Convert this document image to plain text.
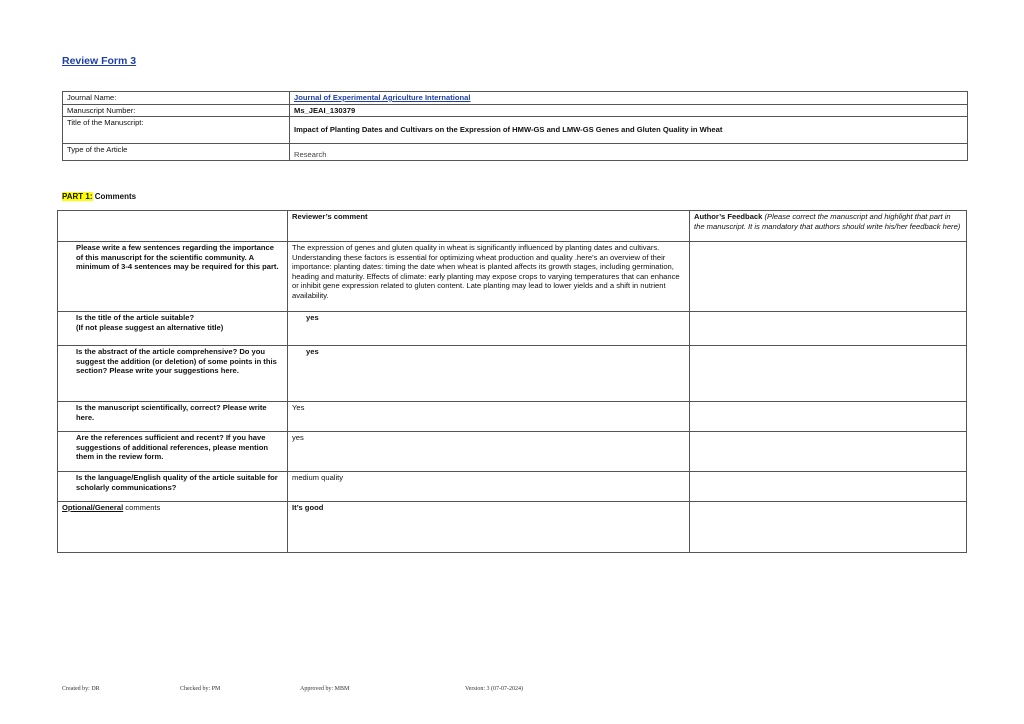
Review Form 3
Journal Name:	Journal of Experimental Agriculture International
Manuscript Number:	Ms_JEAI_130379
Title of the Manuscript:	Impact of Planting Dates and Cultivars on the Expression of HMW-GS and LMW-GS Genes and Gluten Quality in Wheat
Type of the Article	Research
PART 1: Comments
	Reviewer’s comment	Author’s Feedback (Please correct the manuscript and highlight that part in the manuscript. It is mandatory that authors should write his/her feedback here)
Please write a few sentences regarding the importance of this manuscript for the scientific community. A minimum of 3-4 sentences may be required for this part.	The expression of genes and gluten quality in wheat is significantly influenced by planting dates and cultivars. Understanding these factors is essential for optimizing wheat production and quality .here's an overview of their importance: planting dates: timing the date when wheat is planted affects its growth stages, including germination, heading and maturity. Effects of climate: early planting may expose crops to varying temperatures that can enhance or inhibit gene expression related to gluten content. Late planting may lead to lower yields and a shift in nutrient availability.	
Is the title of the article suitable?
(If not please suggest an alternative title)	yes	
Is the abstract of the article comprehensive? Do you suggest the addition (or deletion) of some points in this section? Please write your suggestions here.	yes	
Is the manuscript scientifically, correct? Please write here.	Yes	
Are the references sufficient and recent? If you have suggestions of additional references, please mention them in the review form.	yes	
Is the language/English quality of the article suitable for scholarly communications?	medium quality	
Optional/General comments	It’s good	
Created by: DR	Checked by: PM	Approved by: MBM	Version: 3 (07-07-2024)
